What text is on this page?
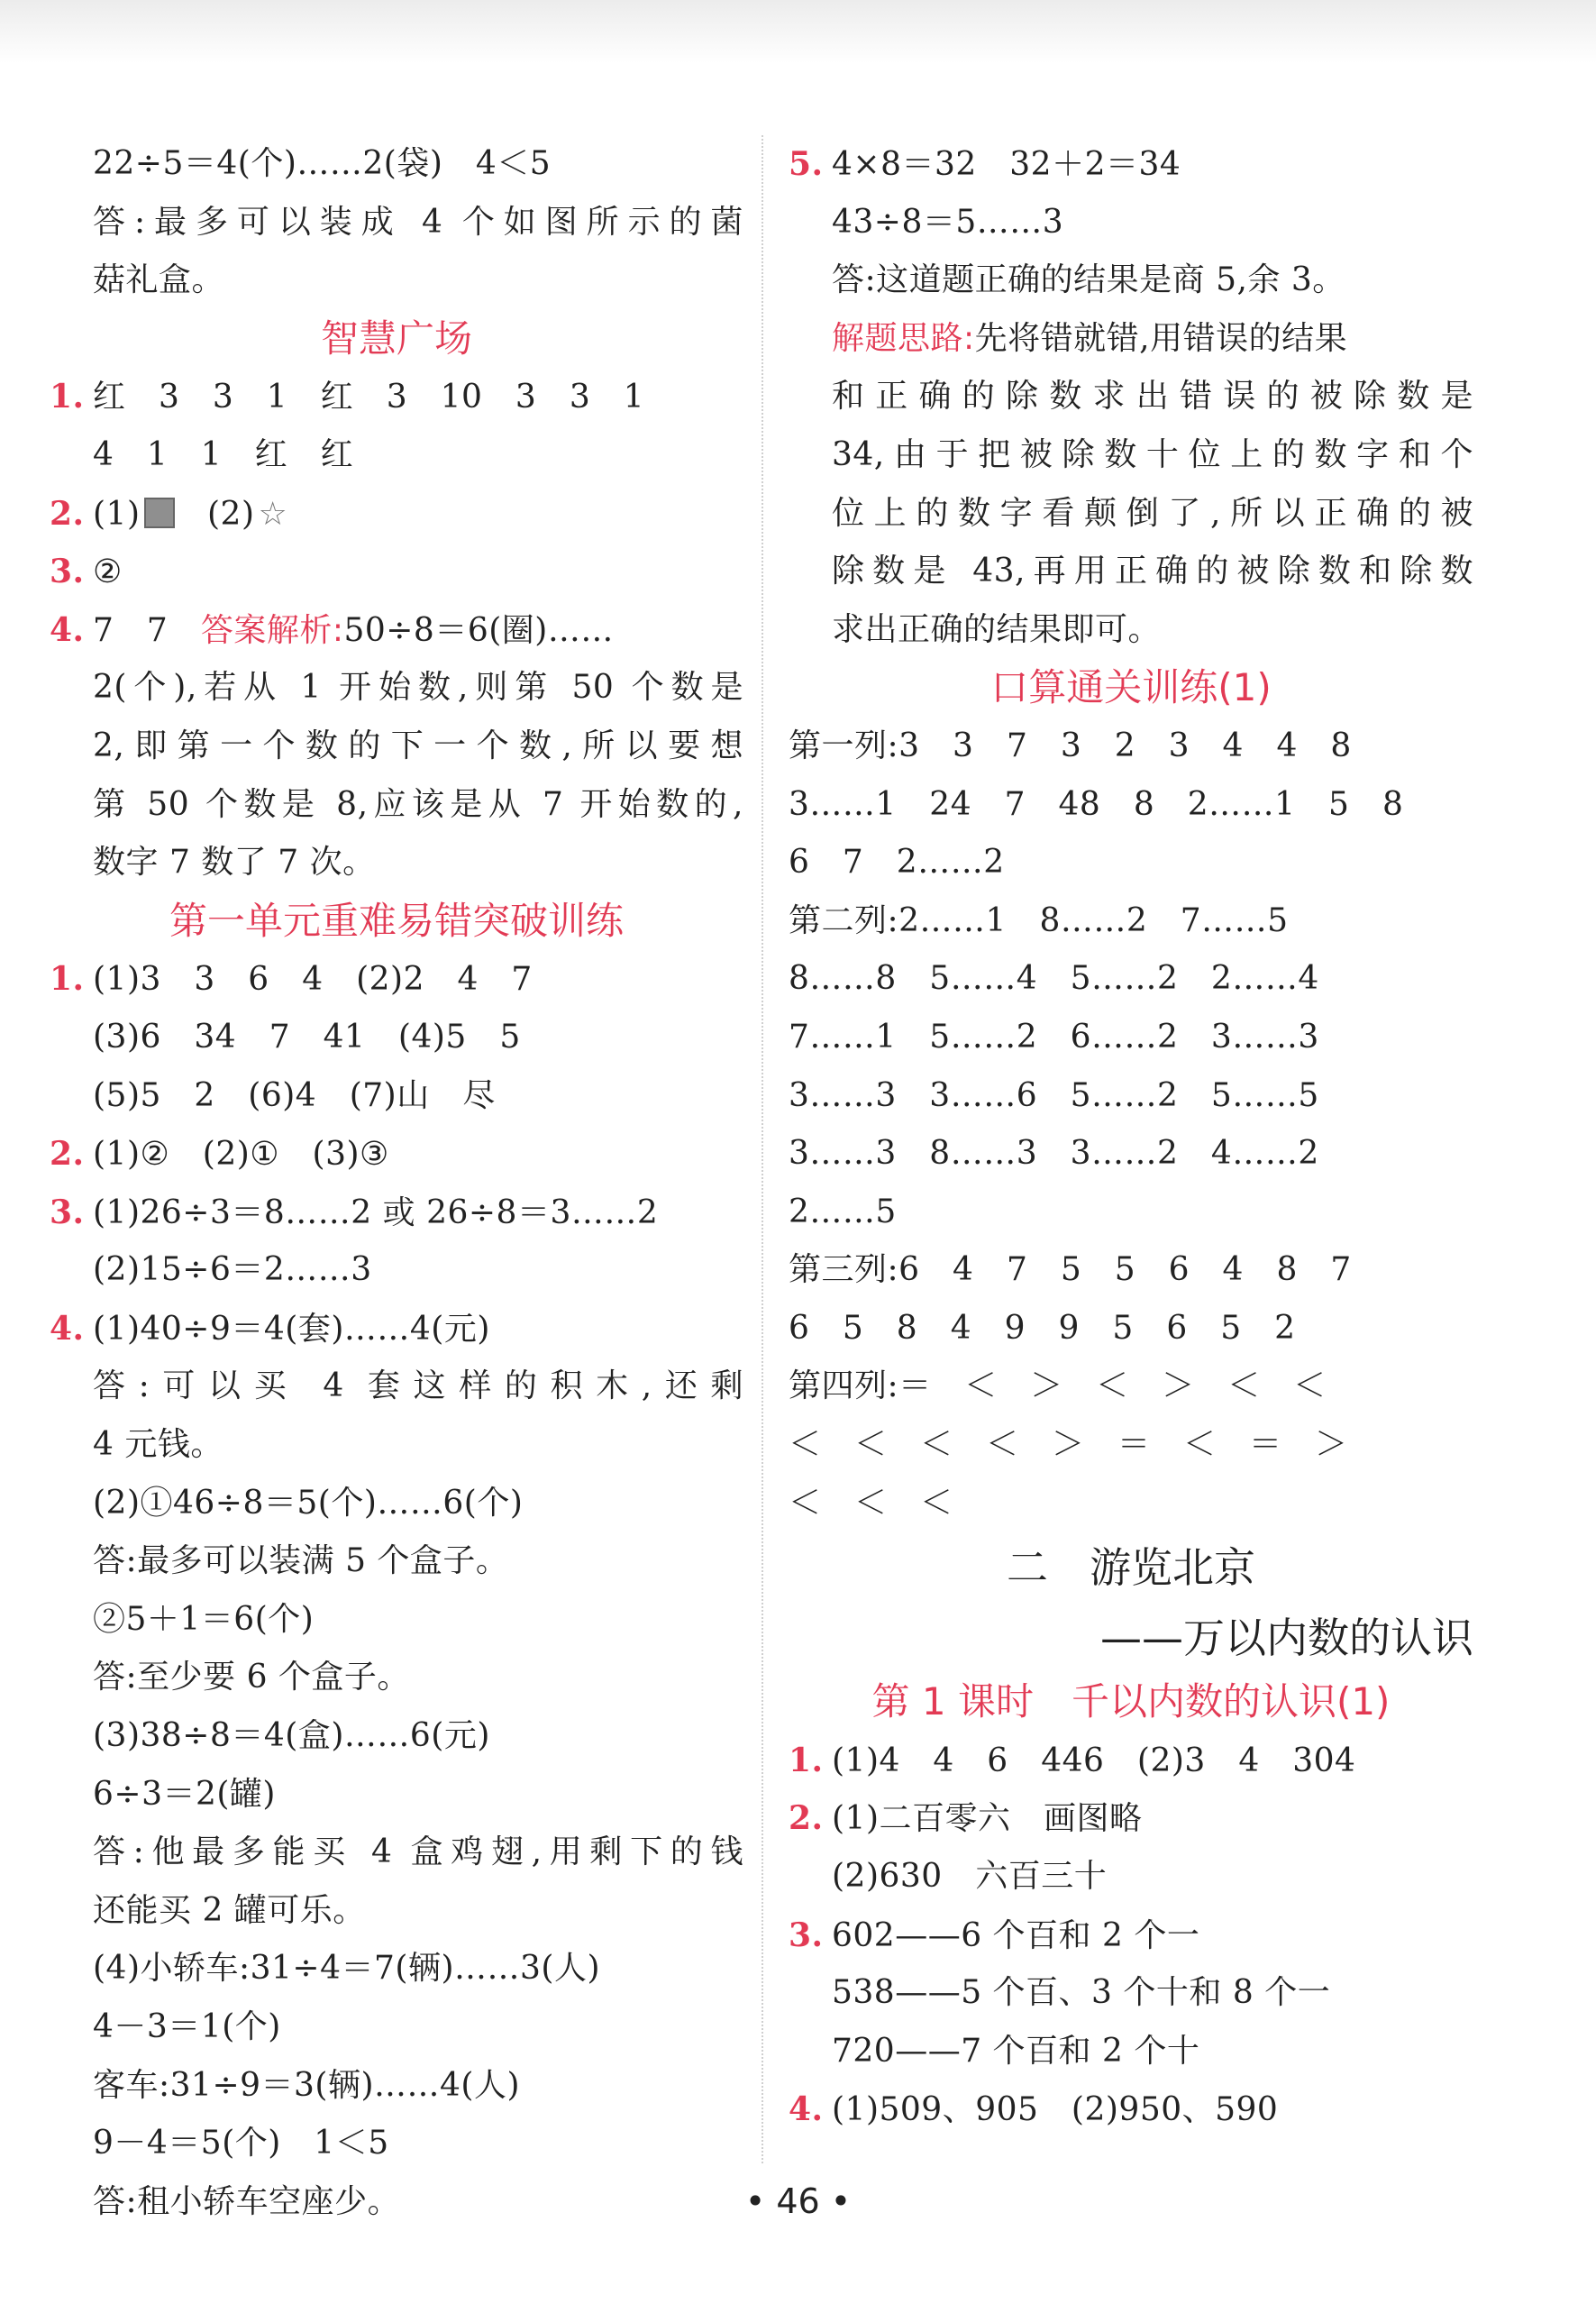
22÷5＝4(个)……2(袋)　4＜5
答:最多可以装成 4 个如图所示的菌
菇礼盒。
智慧广场
1. 红　3　3　1　红　3　10　3　3　1
4　1　1　红　红
2. (1)　(2) ☆
3. ②
4. 7　7　答案解析:50÷8＝6(圈)……
2(个),若从 1 开始数,则第 50 个数是
2,即第一个数的下一个数,所以要想
第 50 个数是 8,应该是从 7 开始数的,
数字 7 数了 7 次。
第一单元重难易错突破训练
1. (1)3　3　6　4　(2)2　4　7
(3)6　34　7　41　(4)5　5
(5)5　2　(6)4　(7)山　尽
2. (1)②　(2)①　(3)③
3. (1)26÷3＝8……2 或 26÷8＝3……2
(2)15÷6＝2……3
4. (1)40÷9＝4(套)……4(元)
答:可以买 4 套这样的积木,还剩
4 元钱。
(2)①46÷8＝5(个)……6(个)
答:最多可以装满 5 个盒子。
②5＋1＝6(个)
答:至少要 6 个盒子。
(3)38÷8＝4(盒)……6(元)
6÷3＝2(罐)
答:他最多能买 4 盒鸡翅,用剩下的钱
还能买 2 罐可乐。
(4)小轿车:31÷4＝7(辆)……3(人)
4－3＝1(个)
客车:31÷9＝3(辆)……4(人)
9－4＝5(个)　1＜5
答:租小轿车空座少。
5. 4×8＝32　32＋2＝34
43÷8＝5……3
答:这道题正确的结果是商 5,余 3。
解题思路:先将错就错,用错误的结果
和正确的除数求出错误的被除数是
34,由于把被除数十位上的数字和个
位上的数字看颠倒了,所以正确的被
除数是 43,再用正确的被除数和除数
求出正确的结果即可。
口算通关训练(1)
第一列:3　3　7　3　2　3　4　4　8
3……1　24　7　48　8　2……1　5　8
6　7　2……2
第二列:2……1　8……2　7……5
8……8　5……4　5……2　2……4
7……1　5……2　6……2　3……3
3……3　3……6　5……2　5……5
3……3　8……3　3……2　4……2
2……5
第三列:6　4　7　5　5　6　4　8　7
6　5　8　4　9　9　5　6　5　2
第四列:＝　＜　＞　＜　＞　＜　＜
＜　＜　＜　＜　＞　＝　＜　＝　＞
＜　＜　＜
二　游览北京
——万以内数的认识
第 1 课时　千以内数的认识(1)
1. (1)4　4　6　446　(2)3　4　304
2. (1)二百零六　画图略
(2)630　六百三十
3. 602——6 个百和 2 个一
538——5 个百、3 个十和 8 个一
720——7 个百和 2 个十
4. (1)509、905　(2)950、590
• 46 •
